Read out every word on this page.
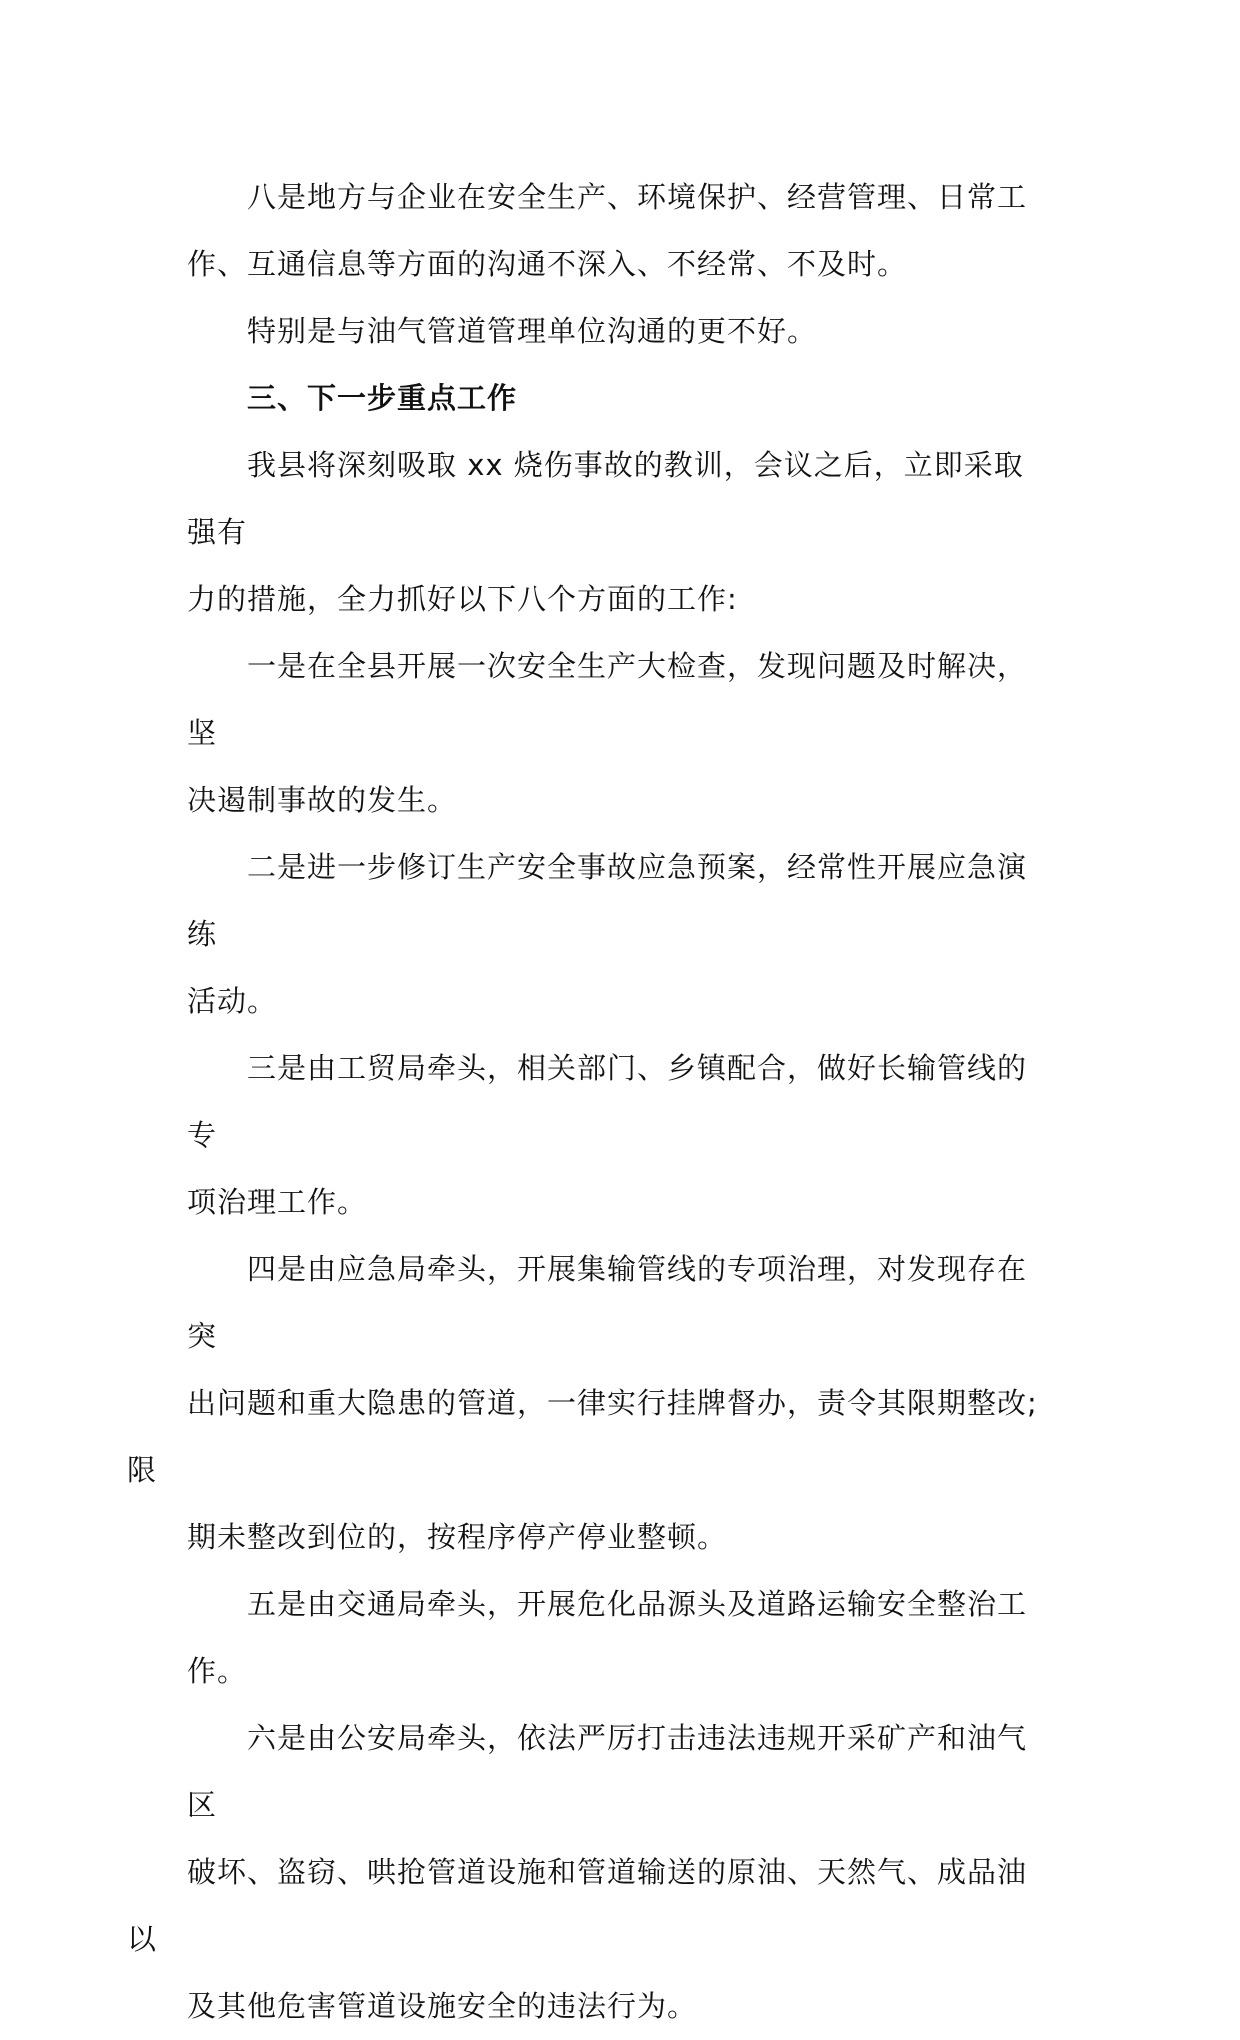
八是地方与企业在安全生产、环境保护、经营管理、日常工
作、互通信息等方面的沟通不深入、不经常、不及时。

特别是与油气管道管理单位沟通的更不好。

三、下一步重点工作

我县将深刻吸取 xx 烧伤事故的教训，会议之后，立即采取强有
力的措施，全力抓好以下八个方面的工作:

一是在全县开展一次安全生产大检查，发现问题及时解决，坚
决遏制事故的发生。

二是进一步修订生产安全事故应急预案，经常性开展应急演练
活动。

三是由工贸局牵头，相关部门、乡镇配合，做好长输管线的专
项治理工作。

四是由应急局牵头，开展集输管线的专项治理，对发现存在突
出问题和重大隐患的管道，一律实行挂牌督办，责令其限期整改;限
期未整改到位的，按程序停产停业整顿。

五是由交通局牵头，开展危化品源头及道路运输安全整治工
作。

六是由公安局牵头，依法严厉打击违法违规开采矿产和油气区
破坏、盗窃、哄抢管道设施和管道输送的原油、天然气、成品油以
及其他危害管道设施安全的违法行为。
